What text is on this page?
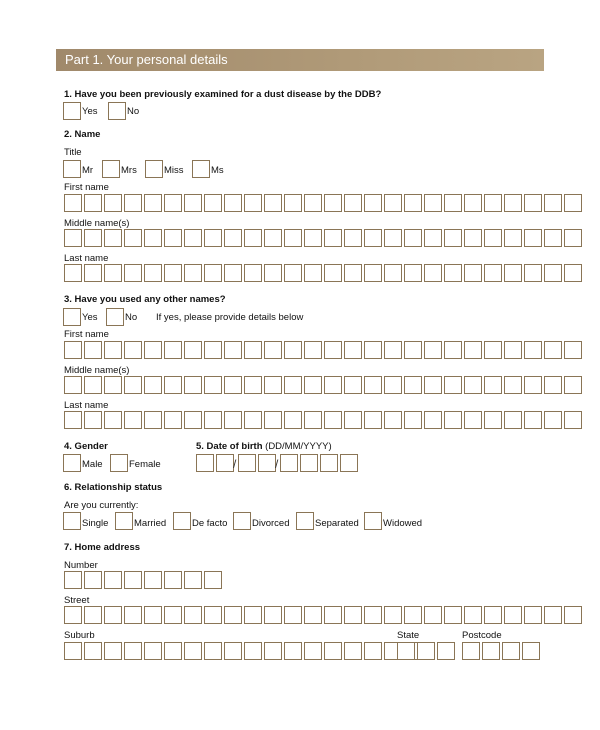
Part 1. Your personal details
1. Have you been previously examined for a dust disease by the DDB?
Yes	No
2. Name
Title
Mr	Mrs	Miss	Ms
First name
Middle name(s)
Last name
3. Have you used any other names?
Yes	No If yes, please provide details below
First name
Middle name(s)
Last name
4. Gender
Male	Female
5. Date of birth (DD/MM/YYYY)
/	/
6. Relationship status
Are you currently:
Single	Married	De facto	Divorced	Separated	Widowed
7. Home address
Number
Street
Suburb	State	Postcode
